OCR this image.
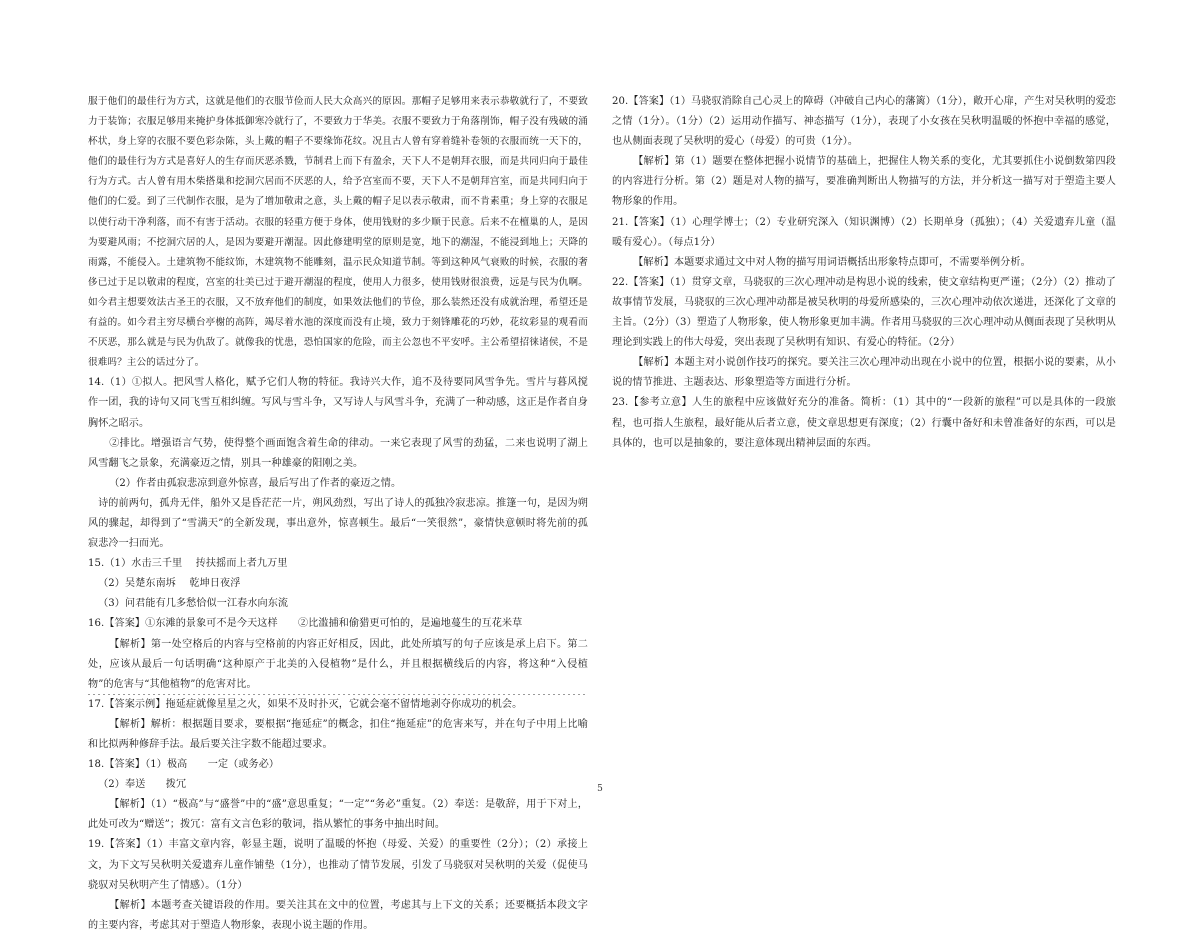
服于他们的最佳行为方式，这就是他们的衣服节俭而人民大众高兴的原因。那帽子足够用来表示恭敬就行了，不要致力于装饰；衣服足够用来掩护身体抵御寒冷就行了，不要致力于华美。衣服不要致力于角落削饰，帽子没有残破的涌杯状，身上穿的衣服不要色彩杂陈，头上戴的帽子不要缘饰花纹。况且古人曾有穿着缝补卷领的衣服而统一天下的，他们的最佳行为方式是喜好人的生存而厌恶杀戮，节制君上而下有盈余，天下人不是朝拜衣服，而是共同归向于最佳行为方式。古人曾有用木柴搭巢和挖洞穴居而不厌恶的人，给予宫室而不要，天下人不是朝拜宫室，而是共同归向于他们的仁爱。到了三代制作衣服，是为了增加敬肃之意，头上戴的帽子足以表示敬肃，而不肯素重；身上穿的衣服足以使行动干净利落，而不有害于活动。衣服的轻重方便于身体，使用钱财的多少顺于民意。后来不在檀巢的人，是因为要避风雨；不挖洞穴居的人，是因为要避开潮湿。因此修建明堂的原则是宽，地下的潮湿，不能浸到地上；天降的雨露，不能侵入。土建筑物不能纹饰，木建筑物不能雕刻，温示民众知道节制。等到这种风气衰败的时候，衣服的奢侈已过于足以敬肃的程度，宫室的壮美已过于避开潮湿的程度，使用人力很多，使用钱财很浪费，远是与民为仇啊。如今君主想要效法古圣王的衣服，又不放弃他们的制度，如果效法他们的节俭，那么装然还没有成就治理，希望还是有益的。如今君主穷尽横台亭榭的高阵，竭尽着水池的深度而没有止境，致力于刻锋雕花的巧妙，花纹彩显的观看而不厌恶，那么就是与民为仇敌了。就像我的忧患，恐怕国家的危险，而主公忽也不平安呼。主公希望招徕诸侯，不是很难吗？主公的话过分了。

14.（1）①拟人。把风雪人格化，赋予它们人物的特征。我诗兴大作，追不及待要同风雪争先。雪片与暮风搅作一团，我的诗句又同飞雪互相纠缠。写风与雪斗争，又写诗人与风雪斗争，充满了一种动感，这正是作者自身胸怀之昭示。

②排比。增强语言气势，使得整个画面饱含着生命的律动。一来它表现了风雪的劲猛，二来也说明了湖上风雪翻飞之景象，充满豪迈之情，别具一种雄豪的阳刚之美。

（2）作者由孤寂悲凉到意外惊喜，最后写出了作者的豪迈之情。

诗的前两句，孤舟无伴，船外又是昏茫茫一片，朔风劲烈，写出了诗人的孤独冷寂悲凉。推篷一句，是因为朔风的骤起，却得到了“雪满天”的全新发现，事出意外，惊喜顿生。最后“一笑很然”，豪情快意顿时将先前的孤寂悲冷一扫而光。

15.（1）水击三千里　 抟扶摇而上者九万里

（2）吴楚东南坼　 乾坤日夜浮

（3）问君能有几多愁恰似一江春水向东流

16.【答案】①东滩的景象可不是今天这样　　②比滥捕和偷猎更可怕的，是遍地蔓生的互花米草

【解析】第一处空格后的内容与空格前的内容正好相反，因此，此处所填写的句子应该是承上启下。第二处，应该从最后一句话明确“这种原产于北美的入侵植物”是什么，并且根据横线后的内容，将这种“入侵植物”的危害与“其他植物”的危害对比。

17.【答案示例】拖延症就像星星之火，如果不及时扑灭，它就会毫不留情地剥夺你成功的机会。

【解析】解析：根据题目要求，要根据“拖延症”的概念，扣住“拖延症”的危害来写，并在句子中用上比喻和比拟两种修辞手法。最后要关注字数不能超过要求。

18.【答案】（1）极高　　一定（或务必）

（2）奉送　　拨冗

【解析】（1）“极高”与“盛誉”中的“盛”意思重复；“一定”“务必”重复。（2）奉送：是敬辞，用于下对上，此处可改为“赠送”；拨冗：富有文言色彩的敬词，指从繁忙的事务中抽出时间。

19.【答案】（1）丰富文章内容，彰显主题，说明了温暖的怀抱（母爱、关爱）的重要性（2分）；（2）承接上文，为下文写吴秋明关爱遗弃儿童作铺垫（1分），也推动了情节发展，引发了马骁驭对吴秋明的关爱（促使马骁驭对吴秋明产生了情感）。（1分）

【解析】本题考查关键语段的作用。要关注其在文中的位置，考虑其与上下文的关系；还要概括本段文字的主要内容，考虑其对于塑造人物形象，表现小说主题的作用。

20.【答案】（1）马骁驭消除自己心灵上的障碍（冲破自己内心的藩篱）（1分），敞开心扉，产生对吴秋明的爱恋之情（1分）。（1分）（2）运用动作描写、神态描写（1分），表现了小女孩在吴秋明温暖的怀抱中幸福的感觉，也从侧面表现了吴秋明的爱心（母爱）的可贵（1分）。

【解析】第（1）题要在整体把握小说情节的基础上，把握住人物关系的变化，尤其要抓住小说倒数第四段的内容进行分析。第（2）题是对人物的描写，要准确判断出人物描写的方法，并分析这一描写对于塑造主要人物形象的作用。

21.【答案】（1）心理学博士；（2）专业研究深入（知识渊博）（2）长期单身（孤独）；（4）关爱遗弃儿童（温暖有爱心）。（每点1分）

【解析】本题要求通过文中对人物的描写用词语概括出形象特点即可，不需要举例分析。

22.【答案】（1）贯穿文章，马骁驭的三次心理冲动是构思小说的线索，使文章结构更严谨；（2分）（2）推动了故事情节发展，马骁驭的三次心理冲动都是被吴秋明的母爱所感染的，三次心理冲动依次递进，还深化了文章的主旨。（2分）（3）塑造了人物形象，使人物形象更加丰满。作者用马骁驭的三次心理冲动从侧面表现了吴秋明从理论到实践上的伟大母爱，突出表现了吴秋明有知识、有爱心的特征。（2分）

【解析】本题主对小说创作技巧的探究。要关注三次心理冲动出现在小说中的位置，根据小说的要素，从小说的情节推进、主题表达、形象塑造等方面进行分析。

23.【参考立意】人生的旅程中应该做好充分的准备。简析：（1）其中的“一段新的旅程”可以是具体的一段旅程，也可指人生旅程，最好能从后者立意，使文章思想更有深度；（2）行囊中备好和未曾准备好的东西，可以是具体的，也可以是抽象的，要注意体现出精神层面的东西。

5
